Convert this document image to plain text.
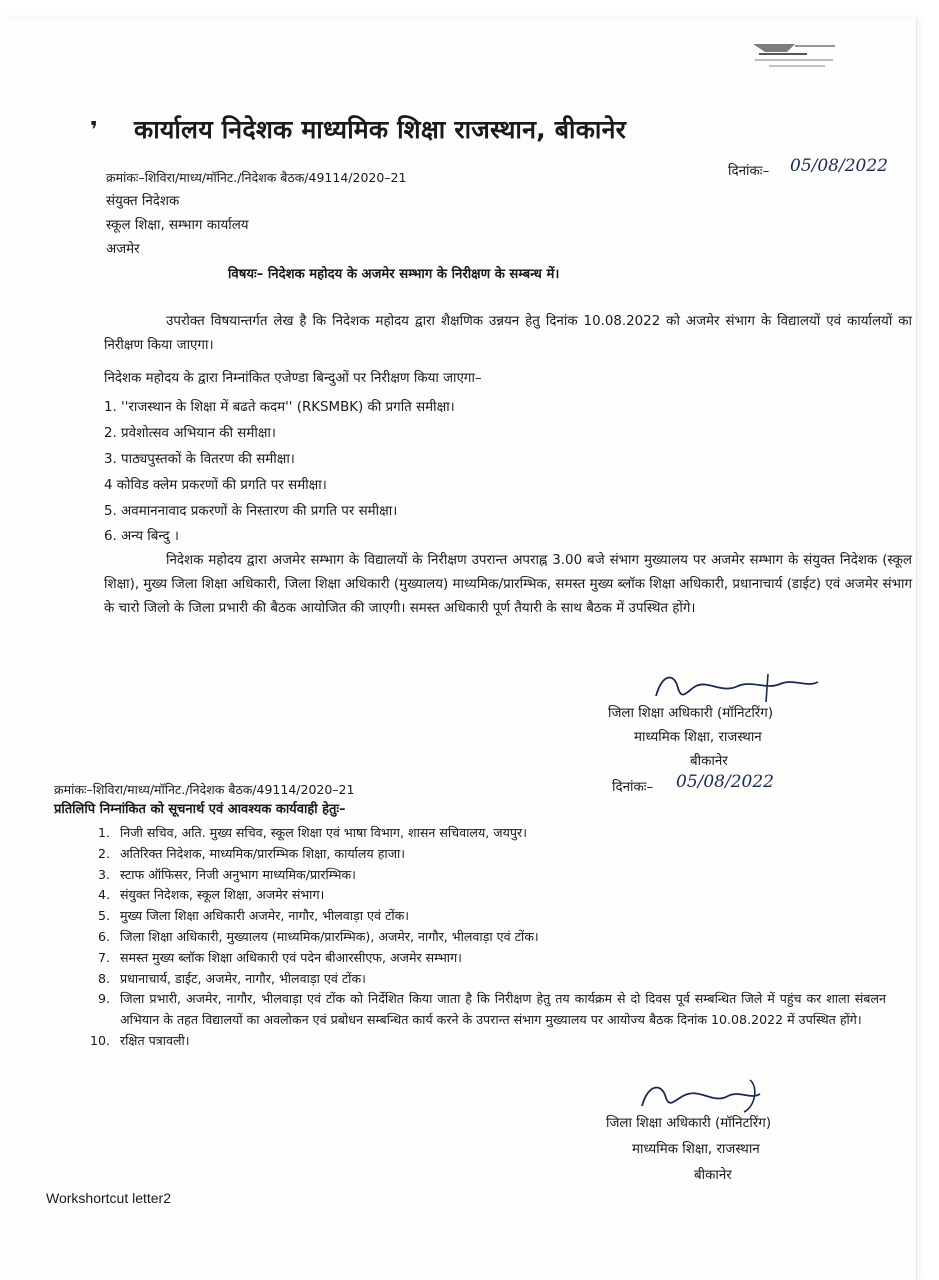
❜ कार्यालय निदेशक माध्यमिक शिक्षा राजस्थान, बीकानेर
क्रमांकः–शिविरा/माध्य/मॉनिट./निदेशक बैठक/49114/2020–21	दिनांकः– 05/08/2022
संयुक्त निदेशक
स्कूल शिक्षा, सम्भाग कार्यालय
अजमेर
विषयः– निदेशक महोदय के अजमेर सम्भाग के निरीक्षण के सम्बन्ध में।
उपरोक्त विषयान्तर्गत लेख है कि निदेशक महोदय द्वारा शैक्षणिक उन्नयन हेतु दिनांक 10.08.2022 को अजमेर संभाग के विद्यालयों एवं कार्यालयों का निरीक्षण किया जाएगा।
निदेशक महोदय के द्वारा निम्नांकित एजेण्डा बिन्दुओं पर निरीक्षण किया जाएगा–
1. ''राजस्थान के शिक्षा में बढते कदम'' (RKSMBK) की प्रगति समीक्षा।
2. प्रवेशोत्सव अभियान की समीक्षा।
3. पाठ्यपुस्तकों के वितरण की समीक्षा।
4 कोविड क्लेम प्रकरणों की प्रगति पर समीक्षा।
5. अवमाननावाद प्रकरणों के निस्तारण की प्रगति पर समीक्षा।
6. अन्य बिन्दु ।
निदेशक महोदय द्वारा अजमेर सम्भाग के विद्यालयों के निरीक्षण उपरान्त अपराह्न 3.00 बजे संभाग मुख्यालय पर अजमेर सम्भाग के संयुक्त निदेशक (स्कूल शिक्षा), मुख्य जिला शिक्षा अधिकारी, जिला शिक्षा अधिकारी (मुख्यालय) माध्यमिक/प्रारम्भिक, समस्त मुख्य ब्लॉक शिक्षा अधिकारी, प्रधानाचार्य (डाईट) एवं अजमेर संभाग के चारो जिलो के जिला प्रभारी की बैठक आयोजित की जाएगी। समस्त अधिकारी पूर्ण तैयारी के साथ बैठक में उपस्थित होंगे।
जिला शिक्षा अधिकारी (मॉनिटरिंग)
माध्यमिक शिक्षा, राजस्थान
बीकानेर
क्रमांकः–शिविरा/माध्य/मॉनिट./निदेशक बैठक/49114/2020–21	दिनांकः– 05/08/2022
प्रतिलिपि निम्नांकित को सूचनार्थ एवं आवश्यक कार्यवाही हेतुः–
1. निजी सचिव, अति. मुख्य सचिव, स्कूल शिक्षा एवं भाषा विभाग, शासन सचिवालय, जयपुर।
2. अतिरिक्त निदेशक, माध्यमिक/प्रारम्भिक शिक्षा, कार्यालय हाजा।
3. स्टाफ ऑफिसर, निजी अनुभाग माध्यमिक/प्रारम्भिक।
4. संयुक्त निदेशक, स्कूल शिक्षा, अजमेर संभाग।
5. मुख्य जिला शिक्षा अधिकारी अजमेर, नागौर, भीलवाड़ा एवं टोंक।
6. जिला शिक्षा अधिकारी, मुख्यालय (माध्यमिक/प्रारम्भिक), अजमेर, नागौर, भीलवाड़ा एवं टोंक।
7. समस्त मुख्य ब्लॉक शिक्षा अधिकारी एवं पदेन बीआरसीएफ, अजमेर सम्भाग।
8. प्रधानाचार्य, डाईट, अजमेर, नागौर, भीलवाड़ा एवं टोंक।
9. जिला प्रभारी, अजमेर, नागौर, भीलवाड़ा एवं टोंक को निर्देशित किया जाता है कि निरीक्षण हेतु तय कार्यक्रम से दो दिवस पूर्व सम्बन्धित जिले में पहुंच कर शाला संबलन अभियान के तहत विद्यालयों का अवलोकन एवं प्रबोधन सम्बन्धित कार्य करने के उपरान्त संभाग मुख्यालय पर आयोज्य बैठक दिनांक 10.08.2022 में उपस्थित होंगे।
10. रक्षित पत्रावली।
जिला शिक्षा अधिकारी (मॉनिटरिंग)
माध्यमिक शिक्षा, राजस्थान
बीकानेर
Workshortcut letter2
